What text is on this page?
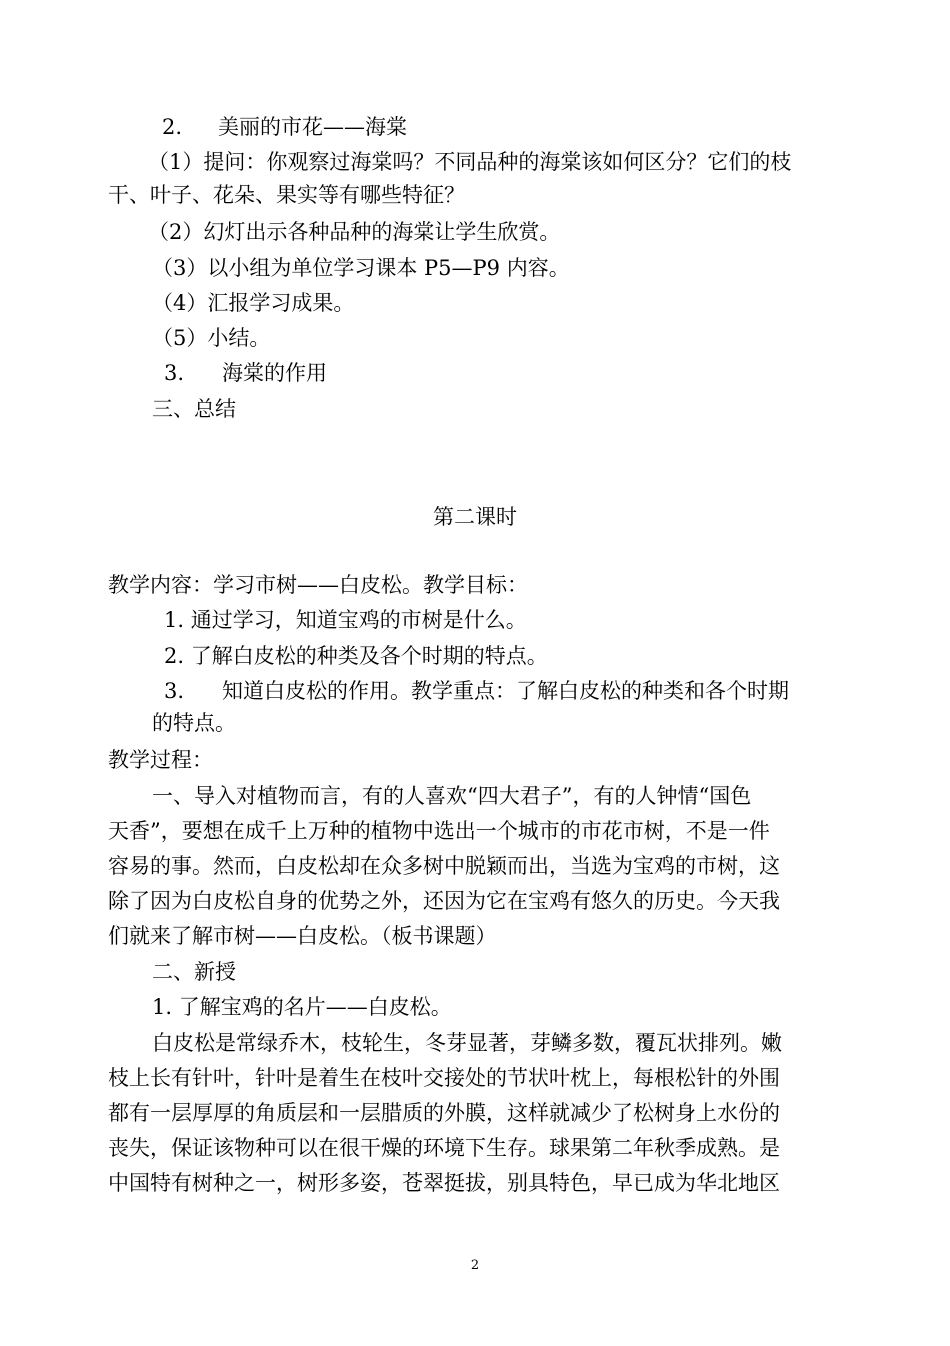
2. 美丽的市花——海棠
（1）提问：你观察过海棠吗？不同品种的海棠该如何区分？它们的枝
干、叶子、花朵、果实等有哪些特征？
（2）幻灯出示各种品种的海棠让学生欣赏。
（3）以小组为单位学习课本 P5—P9 内容。
（4）汇报学习成果。
（5）小结。
3. 海棠的作用
三、总结
第二课时
教学内容：学习市树——白皮松。教学目标：
1. 通过学习，知道宝鸡的市树是什么。
2. 了解白皮松的种类及各个时期的特点。
3. 知道白皮松的作用。教学重点：了解白皮松的种类和各个时期
的特点。
教学过程：
一、导入对植物而言，有的人喜欢“四大君子”，有的人钟情“国色
天香”，要想在成千上万种的植物中选出一个城市的市花市树，不是一件
容易的事。然而，白皮松却在众多树中脱颖而出，当选为宝鸡的市树，这
除了因为白皮松自身的优势之外，还因为它在宝鸡有悠久的历史。今天我
们就来了解市树——白皮松。（板书课题）
二、新授
1. 了解宝鸡的名片——白皮松。
白皮松是常绿乔木，枝轮生，冬芽显著，芽鳞多数，覆瓦状排列。嫩
枝上长有针叶，针叶是着生在枝叶交接处的节状叶枕上，每根松针的外围
都有一层厚厚的角质层和一层腊质的外膜，这样就减少了松树身上水份的
丧失，保证该物种可以在很干燥的环境下生存。球果第二年秋季成熟。是
中国特有树种之一，树形多姿，苍翠挺拔，别具特色，早已成为华北地区
2
